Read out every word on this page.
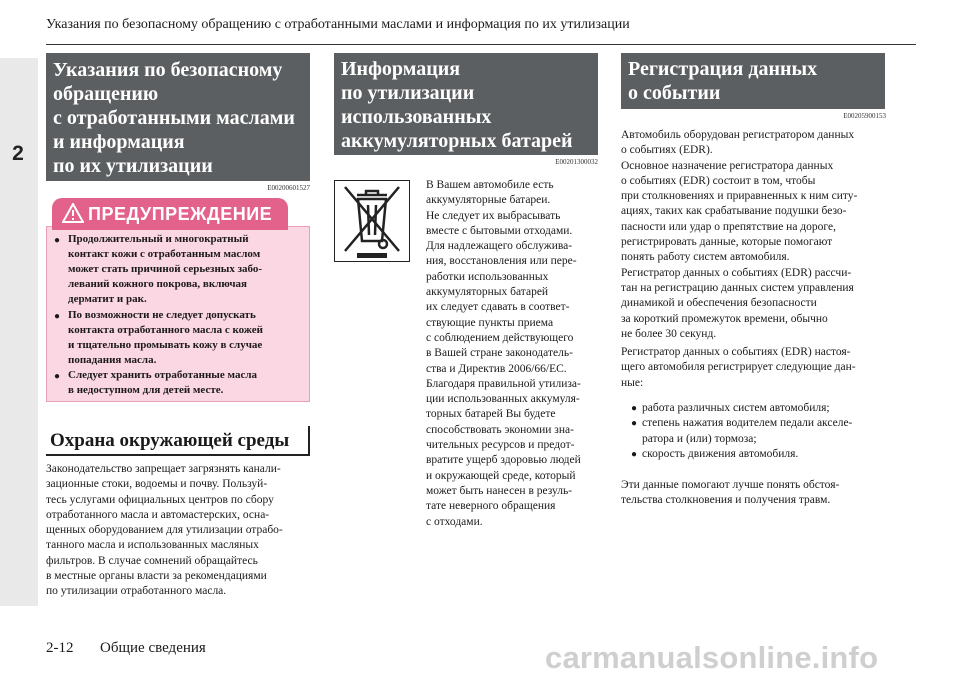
2
Указания по безопасному обращению с отработанными маслами и информация по их утилизации
Указания по безопасному
обращению
с отработанными маслами
и информация
по их утилизации
E00200601527
ПРЕДУПРЕЖДЕНИЕ
● Продолжительный и многократный
контакт кожи с отработанным маслом
может стать причиной серьезных забо-
леваний кожного покрова, включая
дерматит и рак.
● По возможности не следует допускать
контакта отработанного масла с кожей
и тщательно промывать кожу в случае
попадания масла.
● Следует хранить отработанные масла
в недоступном для детей месте.
Охрана окружающей среды
Законодательство запрещает загрязнять канали-
зационные стоки, водоемы и почву. Пользуй-
тесь услугами официальных центров по сбору
отработанного масла и автомастерских, осна-
щенных оборудованием для утилизации отрабо-
танного масла и использованных масляных
фильтров. В случае сомнений обращайтесь
в местные органы власти за рекомендациями
по утилизации отработанного масла.
Информация
по утилизации
использованных
аккумуляторных батарей
E00201300032
В Вашем автомобиле есть
аккумуляторные батареи.
Не следует их выбрасывать
вместе с бытовыми отходами.
Для надлежащего обслужива-
ния, восстановления или пере-
работки использованных
аккумуляторных батарей
их следует сдавать в соответ-
ствующие пункты приема
с соблюдением действующего
в Вашей стране законодатель-
ства и Директив 2006/66/EC.
Благодаря правильной утилиза-
ции использованных аккумуля-
торных батарей Вы будете
способствовать экономии зна-
чительных ресурсов и предот-
вратите ущерб здоровью людей
и окружающей среде, который
может быть нанесен в резуль-
тате неверного обращения
с отходами.
Регистрация данных
о событии
E00205900153
Автомобиль оборудован регистратором данных
о событиях (EDR).
Основное назначение регистратора данных
о событиях (EDR) состоит в том, чтобы
при столкновениях и приравненных к ним ситу-
ациях, таких как срабатывание подушки безо-
пасности или удар о препятствие на дороге,
регистрировать данные, которые помогают
понять работу систем автомобиля.
Регистратор данных о событиях (EDR) рассчи-
тан на регистрацию данных систем управления
динамикой и обеспечения безопасности
за короткий промежуток времени, обычно
не более 30 секунд.
Регистратор данных о событиях (EDR) настоя-
щего автомобиля регистрирует следующие дан-
ные:
● работа различных систем автомобиля;
● степень нажатия водителем педали акселе-
ратора и (или) тормоза;
● скорость движения автомобиля.
Эти данные помогают лучше понять обстоя-
тельства столкновения и получения травм.
2-12 Общие сведения	carmanualsonline.info
